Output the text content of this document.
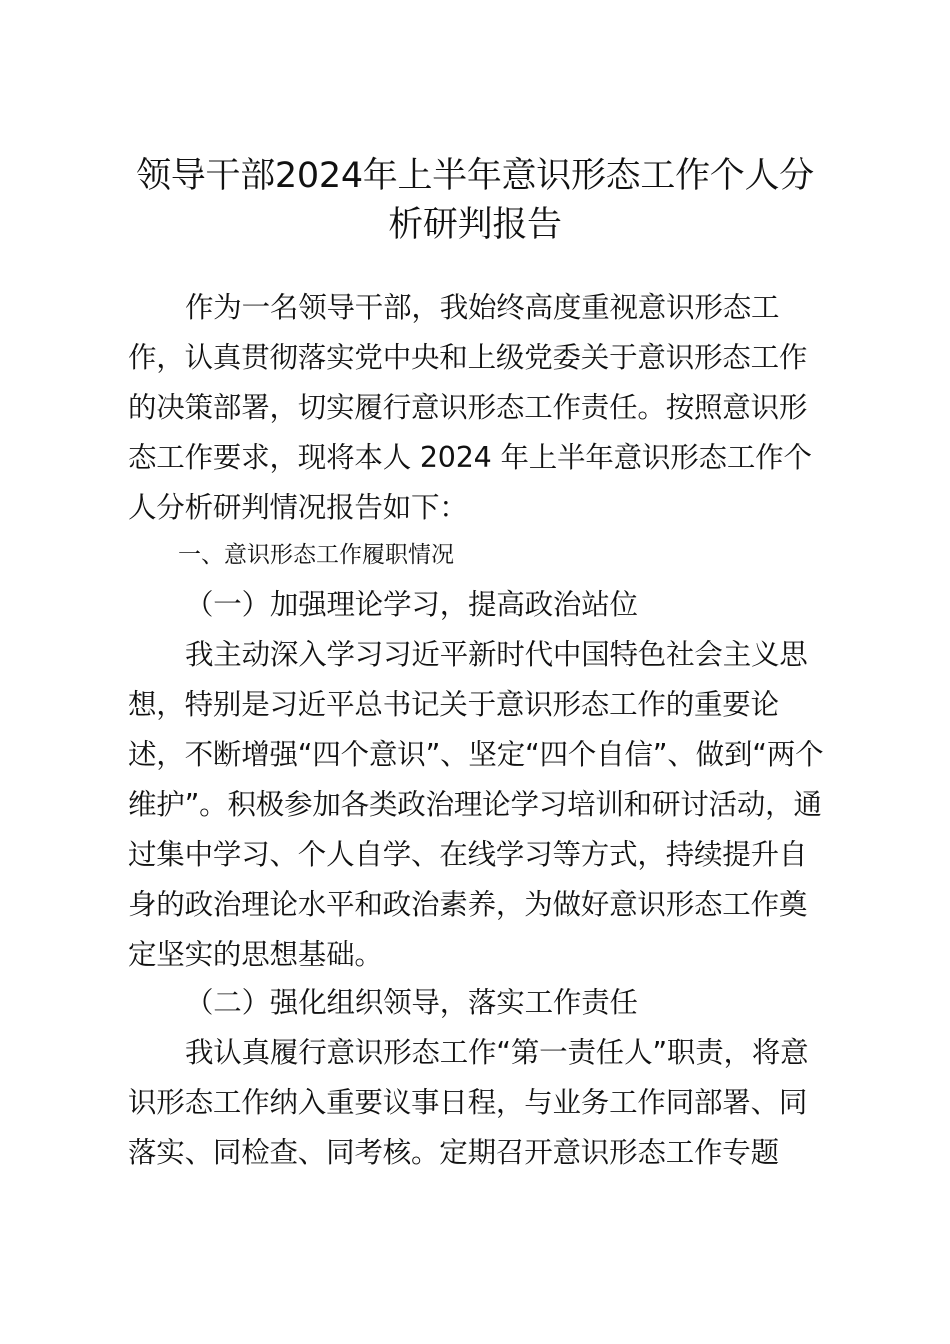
领导干部2024年上半年意识形态工作个人分析研判报告

作为一名领导干部，我始终高度重视意识形态工作，认真贯彻落实党中央和上级党委关于意识形态工作的决策部署，切实履行意识形态工作责任。按照意识形态工作要求，现将本人 2024 年上半年意识形态工作个人分析研判情况报告如下：

一、意识形态工作履职情况

（一）加强理论学习，提高政治站位

我主动深入学习习近平新时代中国特色社会主义思想，特别是习近平总书记关于意识形态工作的重要论述，不断增强“四个意识”、坚定“四个自信”、做到“两个维护”。积极参加各类政治理论学习培训和研讨活动，通过集中学习、个人自学、在线学习等方式，持续提升自身的政治理论水平和政治素养，为做好意识形态工作奠定坚实的思想基础。

（二）强化组织领导，落实工作责任

我认真履行意识形态工作“第一责任人”职责，将意识形态工作纳入重要议事日程，与业务工作同部署、同落实、同检查、同考核。定期召开意识形态工作专题
